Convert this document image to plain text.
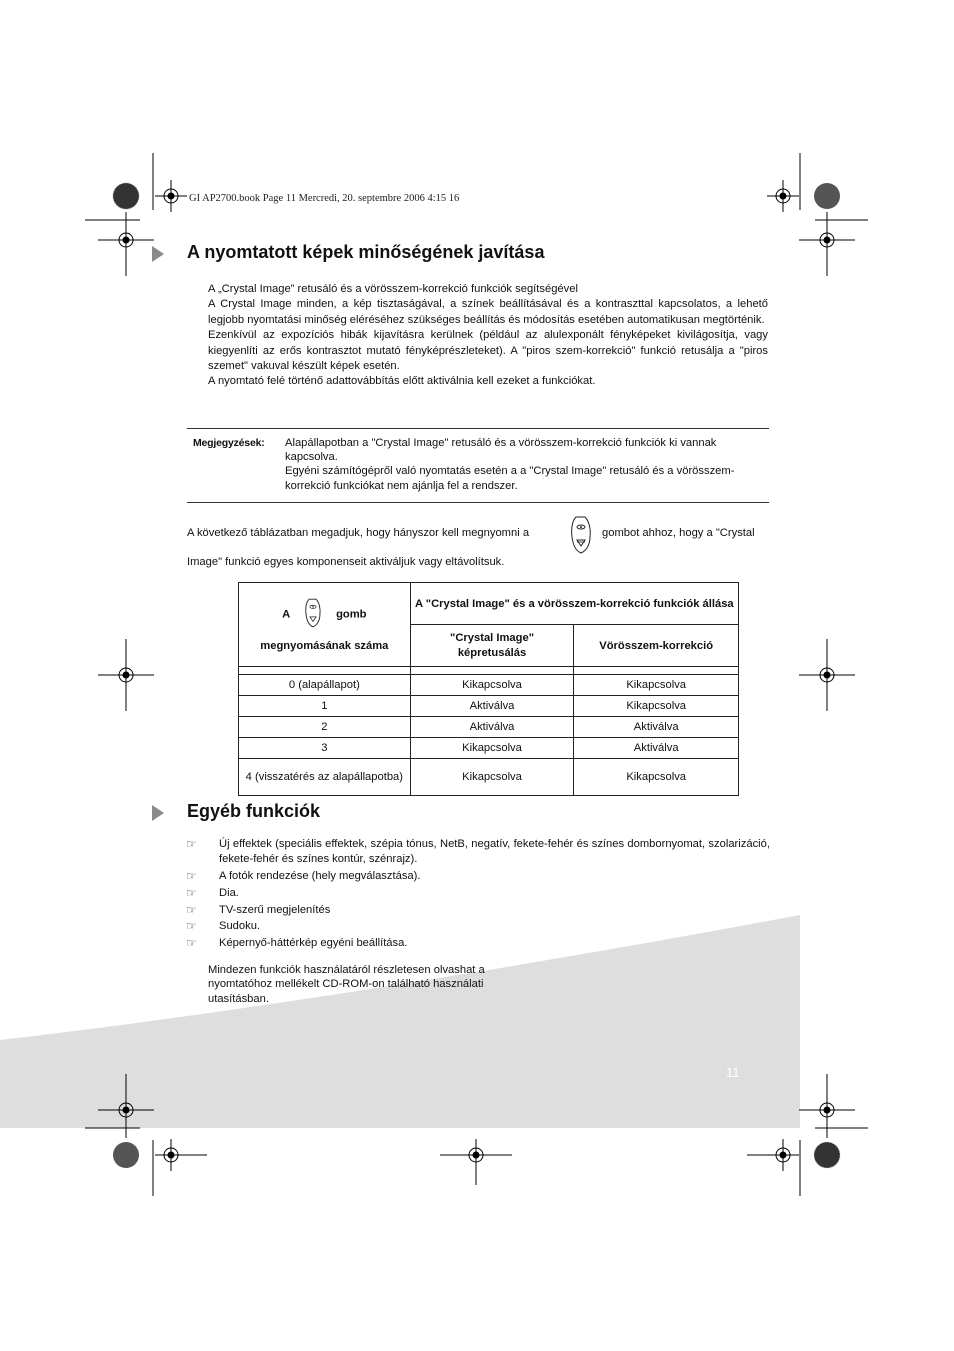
GI AP2700.book Page 11 Mercredi, 20. septembre 2006 4:15 16
A nyomtatott képek minőségének javítása

A „Crystal Image” retusáló és a vörösszem-korrekció funkciók segítségével

A Crystal Image minden, a kép tisztaságával, a színek beállításával és a kontraszttal kapcsolatos, a lehető legjobb nyomtatási minőség eléréséhez szükséges beállítás és módosítás esetében automatikusan megtörténik.

Ezenkívül az expozíciós hibák kijavításra kerülnek (például az alulexponált fényképeket kivilágosítja, vagy kiegyenlíti az erős kontrasztot mutató fényképrészleteket). A "piros szem-korrekció" funkció retusálja a "piros szemet" vakuval készült képek esetén.

A nyomtató felé történő adattovábbítás előtt aktiválnia kell ezeket a funkciókat.

Megjegyzések: Alapállapotban a "Crystal Image" retusáló és a vörösszem-korrekció funkciók ki vannak kapcsolva.

Egyéni számítógépről való nyomtatás esetén a a "Crystal Image" retusáló és a vörösszem-korrekció funkciókat nem ajánlja fel a rendszer.

A következő táblázatban megadjuk, hogy hányszor kell megnyomni a	gombot ahhoz, hogy a "Crystal
Image" funkció egyes komponenseit aktiváljuk vagy eltávolítsuk.
A gomb
megnyomásának száma	A "Crystal Image" és a vörösszem-korrekció funkciók állása	
	"Crystal Image" képretusálás	Vörösszem-korrekció

0 (alapállapot)	Kikapcsolva	Kikapcsolva
1	Aktiválva	Kikapcsolva
2	Aktiválva	Aktiválva
3	Kikapcsolva	Aktiválva
4 (visszatérés az alapállapotba)	Kikapcsolva	Kikapcsolva
Egyéb funkciók
☞ Új effektek (speciális effektek, szépia tónus, NetB, negatív, fekete-fehér és színes dombornyomat, szolarizáció, fekete-fehér és színes kontúr, szénrajz).
☞ A fotók rendezése (hely megválasztása).
☞ Dia.
☞ TV-szerű megjelenítés
☞ Sudoku.
☞ Képernyő-háttérkép egyéni beállítása.

Mindezen funkciók használatáról részletesen olvashat a nyomtatóhoz mellékelt CD-ROM-on található használati utasításban.

11
